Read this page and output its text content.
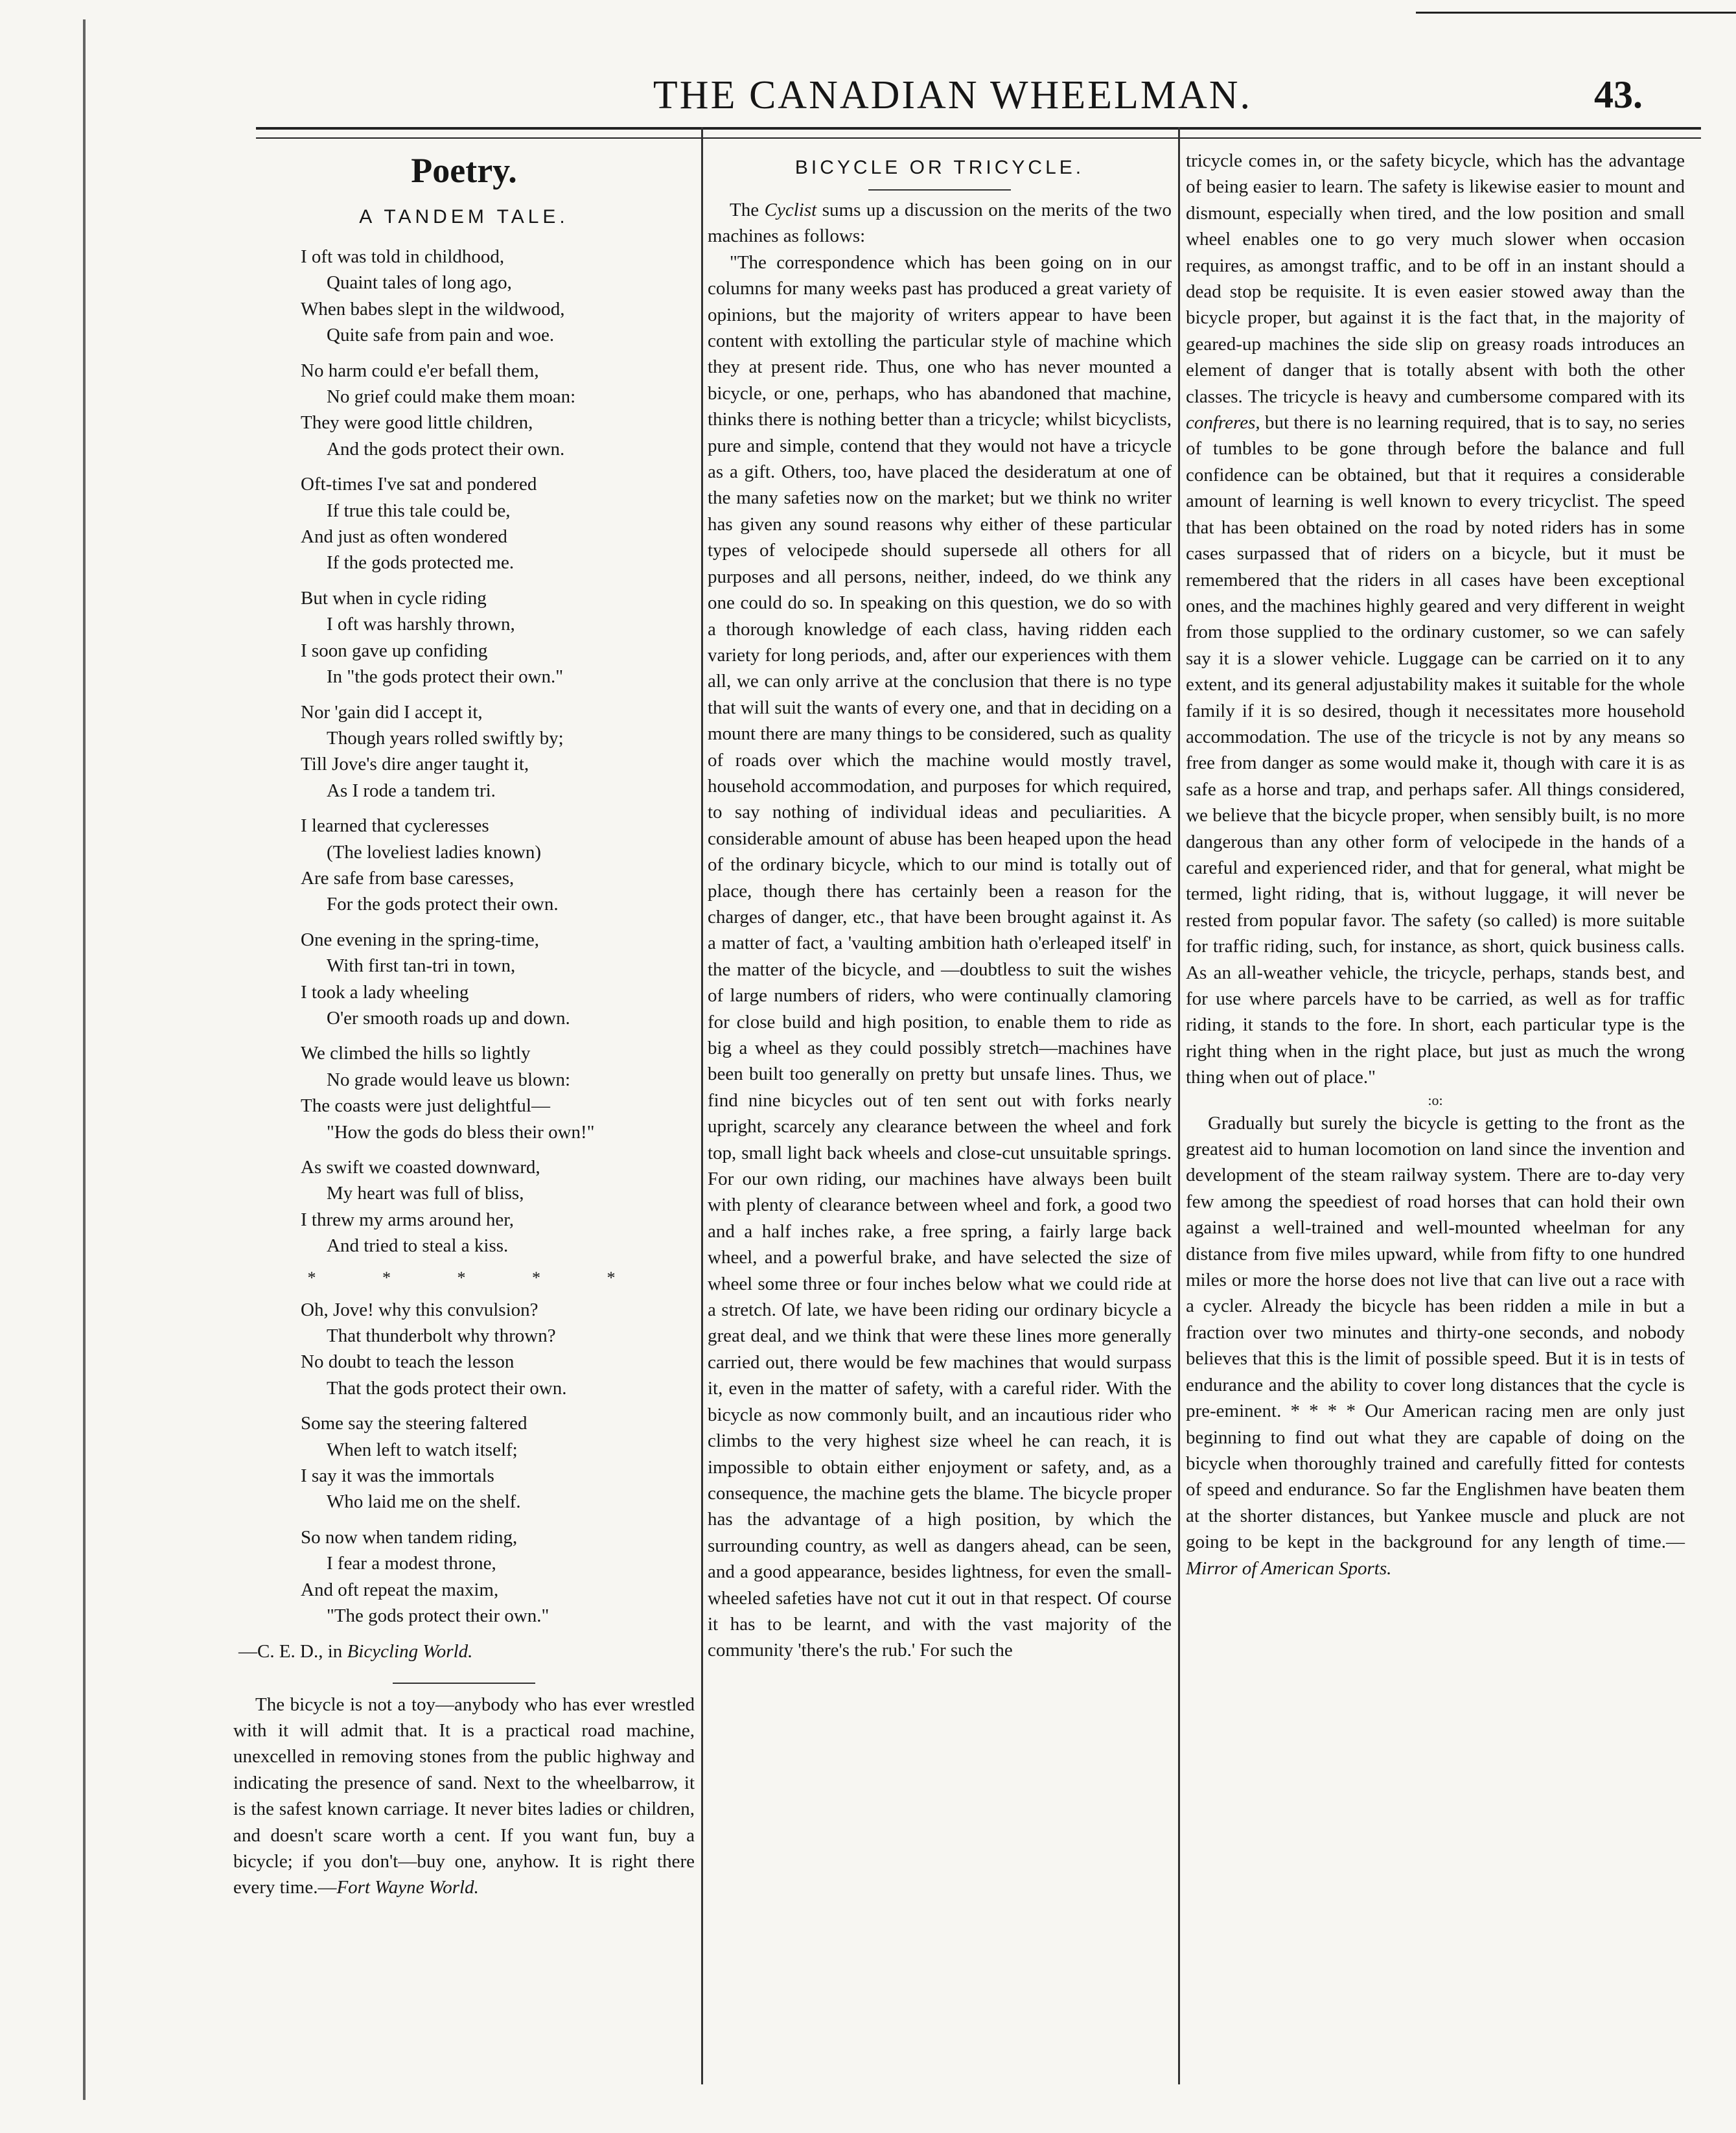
THE CANADIAN WHEELMAN.	43.
Poetry.
A TANDEM TALE.
I oft was told in childhood,
Quaint tales of long ago,
When babes slept in the wildwood,
Quite safe from pain and woe.
No harm could e'er befall them,
No grief could make them moan:
They were good little children,
And the gods protect their own.
Oft-times I've sat and pondered
If true this tale could be,
And just as often wondered
If the gods protected me.
But when in cycle riding
I oft was harshly thrown,
I soon gave up confiding
In "the gods protect their own."
Nor 'gain did I accept it,
Though years rolled swiftly by;
Till Jove's dire anger taught it,
As I rode a tandem tri.
I learned that cycleresses
(The loveliest ladies known)
Are safe from base caresses,
For the gods protect their own.
One evening in the spring-time,
With first tan-tri in town,
I took a lady wheeling
O'er smooth roads up and down.
We climbed the hills so lightly
No grade would leave us blown:
The coasts were just delightful—
"How the gods do bless their own!"
As swift we coasted downward,
My heart was full of bliss,
I threw my arms around her,
And tried to steal a kiss.
* * * * *
Oh, Jove! why this convulsion?
That thunderbolt why thrown?
No doubt to teach the lesson
That the gods protect their own.
Some say the steering faltered
When left to watch itself;
I say it was the immortals
Who laid me on the shelf.
So now when tandem riding,
I fear a modest throne,
And oft repeat the maxim,
"The gods protect their own."
—C. E. D., in Bicycling World.

The bicycle is not a toy—anybody who has ever wrestled with it will admit that. It is a practical road machine, unexcelled in removing stones from the public highway and indicating the presence of sand. Next to the wheelbarrow, it is the safest known carriage. It never bites ladies or children, and doesn't scare worth a cent. If you want fun, buy a bicycle; if you don't—buy one, anyhow. It is right there every time.—Fort Wayne World.

BICYCLE OR TRICYCLE.

The Cyclist sums up a discussion on the merits of the two machines as follows:

"The correspondence which has been going on in our columns for many weeks past has produced a great variety of opinions, but the majority of writers appear to have been content with extolling the particular style of machine which they at present ride. Thus, one who has never mounted a bicycle, or one, perhaps, who has abandoned that machine, thinks there is nothing better than a tricycle; whilst bicyclists, pure and simple, contend that they would not have a tricycle as a gift. Others, too, have placed the desideratum at one of the many safeties now on the market; but we think no writer has given any sound reasons why either of these particular types of velocipede should supersede all others for all purposes and all persons, neither, indeed, do we think any one could do so. In speaking on this question, we do so with a thorough knowledge of each class, having ridden each variety for long periods, and, after our experiences with them all, we can only arrive at the conclusion that there is no type that will suit the wants of every one, and that in deciding on a mount there are many things to be considered, such as quality of roads over which the machine would mostly travel, household accommodation, and purposes for which required, to say nothing of individual ideas and peculiarities. A considerable amount of abuse has been heaped upon the head of the ordinary bicycle, which to our mind is totally out of place, though there has certainly been a reason for the charges of danger, etc., that have been brought against it. As a matter of fact, a 'vaulting ambition hath o'erleaped itself' in the matter of the bicycle, and —doubtless to suit the wishes of large numbers of riders, who were continually clamoring for close build and high position, to enable them to ride as big a wheel as they could possibly stretch—machines have been built too generally on pretty but unsafe lines. Thus, we find nine bicycles out of ten sent out with forks nearly upright, scarcely any clearance between the wheel and fork top, small light back wheels and close-cut unsuitable springs. For our own riding, our machines have always been built with plenty of clearance between wheel and fork, a good two and a half inches rake, a free spring, a fairly large back wheel, and a powerful brake, and have selected the size of wheel some three or four inches below what we could ride at a stretch. Of late, we have been riding our ordinary bicycle a great deal, and we think that were these lines more generally carried out, there would be few machines that would surpass it, even in the matter of safety, with a careful rider. With the bicycle as now commonly built, and an incautious rider who climbs to the very highest size wheel he can reach, it is impossible to obtain either enjoyment or safety, and, as a consequence, the machine gets the blame. The bicycle proper has the advantage of a high position, by which the surrounding country, as well as dangers ahead, can be seen, and a good appearance, besides lightness, for even the small-wheeled safeties have not cut it out in that respect. Of course it has to be learnt, and with the vast majority of the community 'there's the rub.' For such the

tricycle comes in, or the safety bicycle, which has the advantage of being easier to learn. The safety is likewise easier to mount and dismount, especially when tired, and the low position and small wheel enables one to go very much slower when occasion requires, as amongst traffic, and to be off in an instant should a dead stop be requisite. It is even easier stowed away than the bicycle proper, but against it is the fact that, in the majority of geared-up machines the side slip on greasy roads introduces an element of danger that is totally absent with both the other classes. The tricycle is heavy and cumbersome compared with its confreres, but there is no learning required, that is to say, no series of tumbles to be gone through before the balance and full confidence can be obtained, but that it requires a considerable amount of learning is well known to every tricyclist. The speed that has been obtained on the road by noted riders has in some cases surpassed that of riders on a bicycle, but it must be remembered that the riders in all cases have been exceptional ones, and the machines highly geared and very different in weight from those supplied to the ordinary customer, so we can safely say it is a slower vehicle. Luggage can be carried on it to any extent, and its general adjustability makes it suitable for the whole family if it is so desired, though it necessitates more household accommodation. The use of the tricycle is not by any means so free from danger as some would make it, though with care it is as safe as a horse and trap, and perhaps safer. All things considered, we believe that the bicycle proper, when sensibly built, is no more dangerous than any other form of velocipede in the hands of a careful and experienced rider, and that for general, what might be termed, light riding, that is, without luggage, it will never be rested from popular favor. The safety (so called) is more suitable for traffic riding, such, for instance, as short, quick business calls. As an all-weather vehicle, the tricycle, perhaps, stands best, and for use where parcels have to be carried, as well as for traffic riding, it stands to the fore. In short, each particular type is the right thing when in the right place, but just as much the wrong thing when out of place."

:o:

Gradually but surely the bicycle is getting to the front as the greatest aid to human locomotion on land since the invention and development of the steam railway system. There are to-day very few among the speediest of road horses that can hold their own against a well-trained and well-mounted wheelman for any distance from five miles upward, while from fifty to one hundred miles or more the horse does not live that can live out a race with a cycler. Already the bicycle has been ridden a mile in but a fraction over two minutes and thirty-one seconds, and nobody believes that this is the limit of possible speed. But it is in tests of endurance and the ability to cover long distances that the cycle is pre-eminent. * * * * Our American racing men are only just beginning to find out what they are capable of doing on the bicycle when thoroughly trained and carefully fitted for contests of speed and endurance. So far the Englishmen have beaten them at the shorter distances, but Yankee muscle and pluck are not going to be kept in the background for any length of time.—Mirror of American Sports.
